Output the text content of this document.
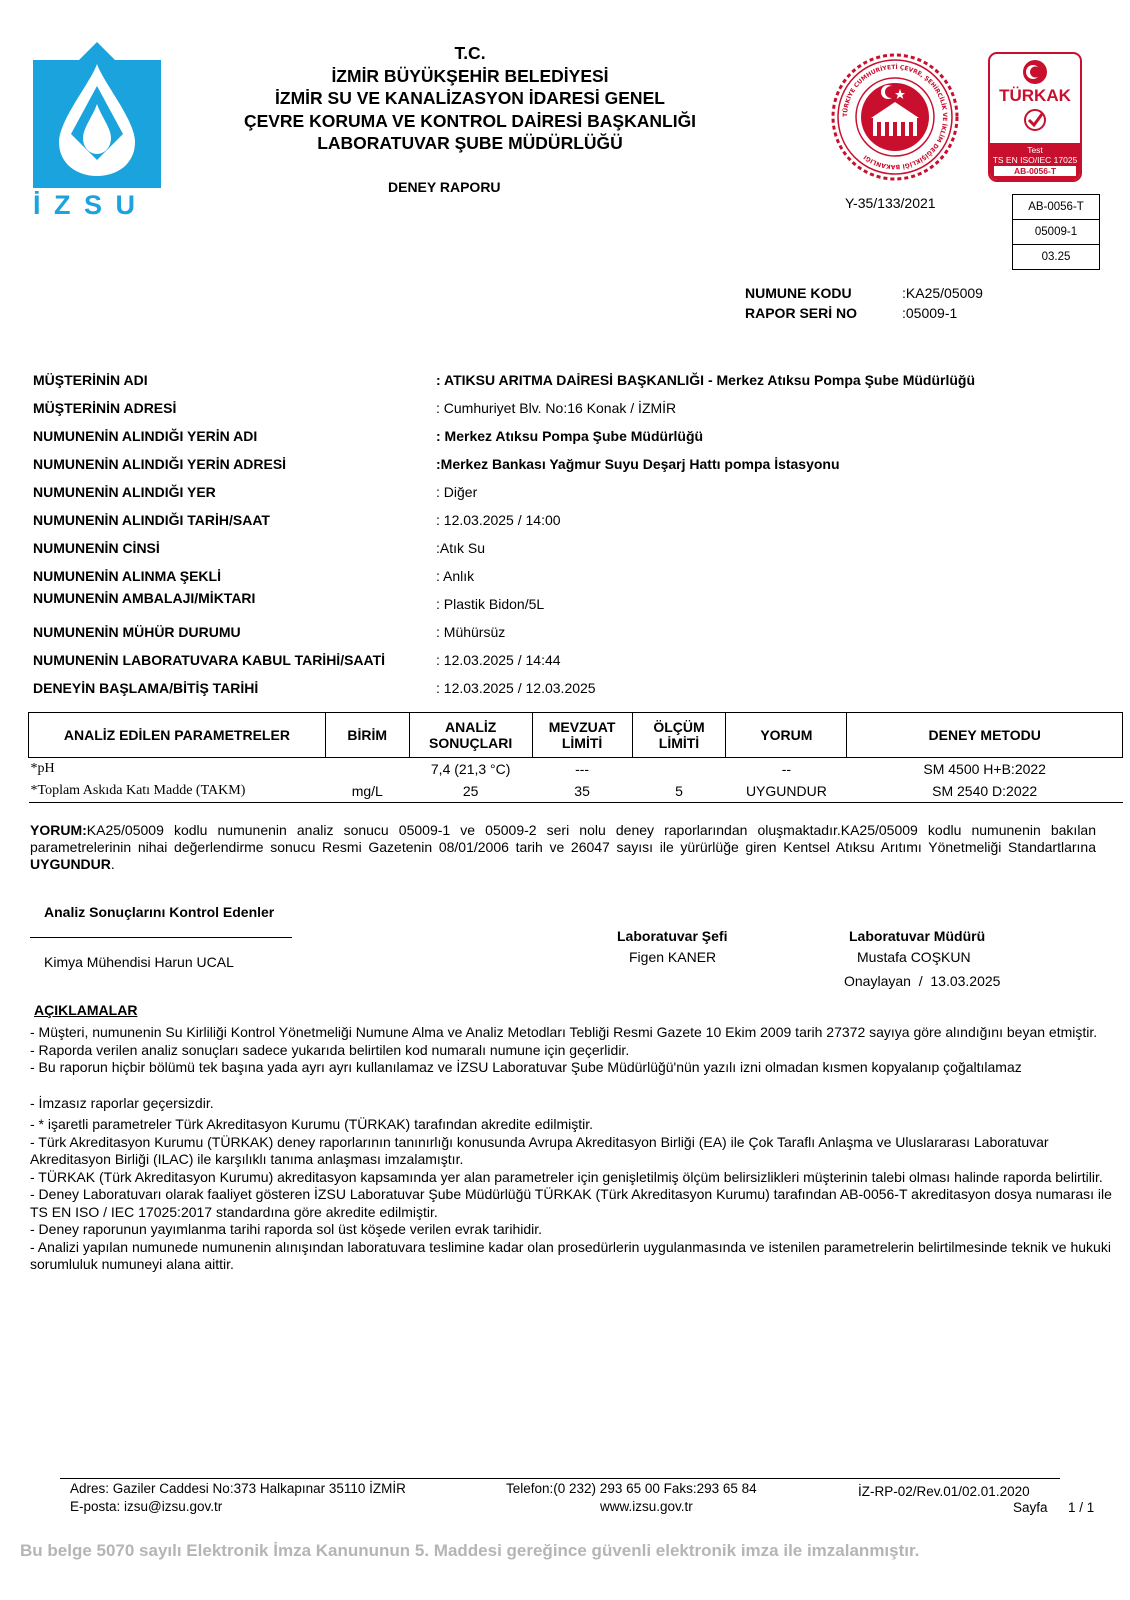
İ Z S U
T.C.
İZMİR BÜYÜKŞEHİR BELEDİYESİ
İZMİR SU VE KANALİZASYON İDARESİ GENEL
ÇEVRE KORUMA VE KONTROL DAİRESİ BAŞKANLIĞI
LABORATUVAR ŞUBE MÜDÜRLÜĞÜ
DENEY RAPORU
TÜRKİYE CUMHURİYETİ ÇEVRE, ŞEHİRCİLİK VE İKLİM DEĞİŞİKLİĞİ BAKANLIĞI
TÜRKAK
Test
TS EN ISO/IEC 17025
AB-0056-T
Y-35/133/2021	AB-0056-T
05009-1
03.25
NUMUNE KODU	:KA25/05009
RAPOR SERİ NO	:05009-1
MÜŞTERİNİN ADI	: ATIKSU ARITMA DAİRESİ BAŞKANLIĞI - Merkez Atıksu Pompa Şube Müdürlüğü
MÜŞTERİNİN ADRESİ	: Cumhuriyet Blv. No:16 Konak / İZMİR
NUMUNENİN ALINDIĞI YERİN ADI	: Merkez Atıksu Pompa Şube Müdürlüğü
NUMUNENİN ALINDIĞI YERİN ADRESİ	:Merkez Bankası Yağmur Suyu Deşarj Hattı pompa İstasyonu
NUMUNENİN ALINDIĞI YER	: Diğer
NUMUNENİN ALINDIĞI TARİH/SAAT	: 12.03.2025 / 14:00
NUMUNENİN CİNSİ	:Atık Su
NUMUNENİN ALINMA ŞEKLİ	: Anlık
NUMUNENİN AMBALAJI/MİKTARI	: Plastik Bidon/5L
NUMUNENİN MÜHÜR DURUMU	: Mühürsüz
NUMUNENİN LABORATUVARA KABUL TARİHİ/SAATİ	: 12.03.2025 / 14:44
DENEYİN BAŞLAMA/BİTİŞ TARİHİ	: 12.03.2025 / 12.03.2025
ANALİZ EDİLEN PARAMETRELER	BİRİM	ANALİZ SONUÇLARI	MEVZUAT LİMİTİ	ÖLÇÜM LİMİTİ	YORUM	DENEY METODU
*pH		7,4 (21,3 °C)	---		--	SM 4500 H+B:2022
*Toplam Askıda Katı Madde (TAKM)	mg/L	25	35	5	UYGUNDUR	SM 2540 D:2022
YORUM:KA25/05009 kodlu numunenin analiz sonucu 05009-1 ve 05009-2 seri nolu deney raporlarından oluşmaktadır.KA25/05009 kodlu numunenin bakılan parametrelerinin nihai değerlendirme sonucu Resmi Gazetenin 08/01/2006 tarih ve 26047 sayısı ile yürürlüğe giren Kentsel Atıksu Arıtımı Yönetmeliği Standartlarına UYGUNDUR.
Analiz Sonuçlarını Kontrol Edenler
Kimya Mühendisi Harun UCAL
Laboratuvar Şefi
Figen KANER
Laboratuvar Müdürü
Mustafa COŞKUN
Onaylayan  /  13.03.2025
AÇIKLAMALAR
- Müşteri, numunenin Su Kirliliği Kontrol Yönetmeliği Numune Alma ve Analiz Metodları Tebliği Resmi Gazete 10 Ekim 2009 tarih 27372 sayıya göre alındığını beyan etmiştir.
- Raporda verilen analiz sonuçları sadece yukarıda belirtilen kod numaralı numune için geçerlidir.
- Bu raporun hiçbir bölümü tek başına yada ayrı ayrı kullanılamaz ve İZSU Laboratuvar Şube Müdürlüğü'nün yazılı izni olmadan kısmen kopyalanıp çoğaltılamaz
- İmzasız raporlar geçersizdir.
- * işaretli parametreler Türk Akreditasyon Kurumu (TÜRKAK) tarafından akredite edilmiştir.
- Türk Akreditasyon Kurumu (TÜRKAK) deney raporlarının tanınırlığı konusunda Avrupa Akreditasyon Birliği (EA) ile Çok Taraflı Anlaşma ve Uluslararası Laboratuvar Akreditasyon Birliği (ILAC) ile karşılıklı tanıma anlaşması imzalamıştır.
- TÜRKAK (Türk Akreditasyon Kurumu) akreditasyon kapsamında yer alan parametreler için genişletilmiş ölçüm belirsizlikleri müşterinin talebi olması halinde raporda belirtilir.
- Deney Laboratuvarı olarak faaliyet gösteren İZSU Laboratuvar Şube Müdürlüğü TÜRKAK (Türk Akreditasyon Kurumu) tarafından AB-0056-T akreditasyon dosya numarası ile TS EN ISO / IEC 17025:2017 standardına göre akredite edilmiştir.
- Deney raporunun yayımlanma tarihi raporda sol üst köşede verilen evrak tarihidir.
- Analizi yapılan numunede numunenin alınışından laboratuvara teslimine kadar olan prosedürlerin uygulanmasında ve istenilen parametrelerin belirtilmesinde teknik ve hukuki sorumluluk numuneyi alana aittir.
Adres: Gaziler Caddesi No:373 Halkapınar 35110 İZMİR
E-posta: izsu@izsu.gov.tr
Telefon:(0 232) 293 65 00 Faks:293 65 84
www.izsu.gov.tr
İZ-RP-02/Rev.01/02.01.2020
Sayfa 1 / 1
Bu belge 5070 sayılı Elektronik İmza Kanununun 5. Maddesi gereğince güvenli elektronik imza ile imzalanmıştır.
